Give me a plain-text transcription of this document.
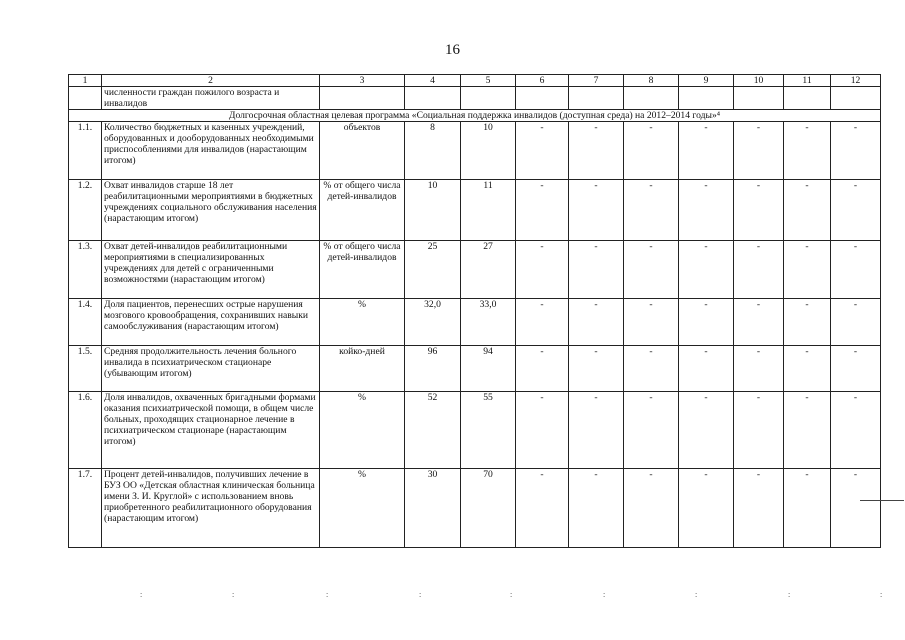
16
1	2	3	4	5	6	7	8	9	10	11	12
	численности граждан пожилого возраста и инвалидов										
Долгосрочная областная целевая программа «Социальная поддержка инвалидов (доступная среда) на 2012–2014 годы»⁴											
1.1.	Количество бюджетных и казенных учреждений, оборудованных и дооборудованных необходимыми приспособлениями для инвалидов (нарастающим итогом)	объектов	8	10	-	-	-	-	-	-	-
1.2.	Охват инвалидов старше 18 лет реабилитационными мероприятиями в бюджетных учреждениях социального обслуживания населения (нарастающим итогом)	% от общего числа детей-инвалидов	10	11	-	-	-	-	-	-	-
1.3.	Охват детей-инвалидов реабилитационными мероприятиями в специализированных учреждениях для детей с ограниченными возможностями (нарастающим итогом)	% от общего числа детей-инвалидов	25	27	-	-	-	-	-	-	-
1.4.	Доля пациентов, перенесших острые нарушения мозгового кровообращения, сохранивших навыки самообслуживания (нарастающим итогом)	%	32,0	33,0	-	-	-	-	-	-	-
1.5.	Средняя продолжительность лечения больного инвалида в психиатрическом стационаре (убывающим итогом)	койко-дней	96	94	-	-	-	-	-	-	-
1.6.	Доля инвалидов, охваченных бригадными формами оказания психиатрической помощи, в общем числе больных, проходящих стационарное лечение в психиатрическом стационаре (нарастающим итогом)	%	52	55	-	-	-	-	-	-	-
1.7.	Процент детей-инвалидов, получивших лечение в БУЗ ОО «Детская областная клиническая больница имени З. И. Круглой» с использованием вновь приобретенного реабилитационного оборудования (нарастающим итогом)	%	30	70	-	-	-	-	-	-	-
:	:	:	:	:	:	:	:	:
